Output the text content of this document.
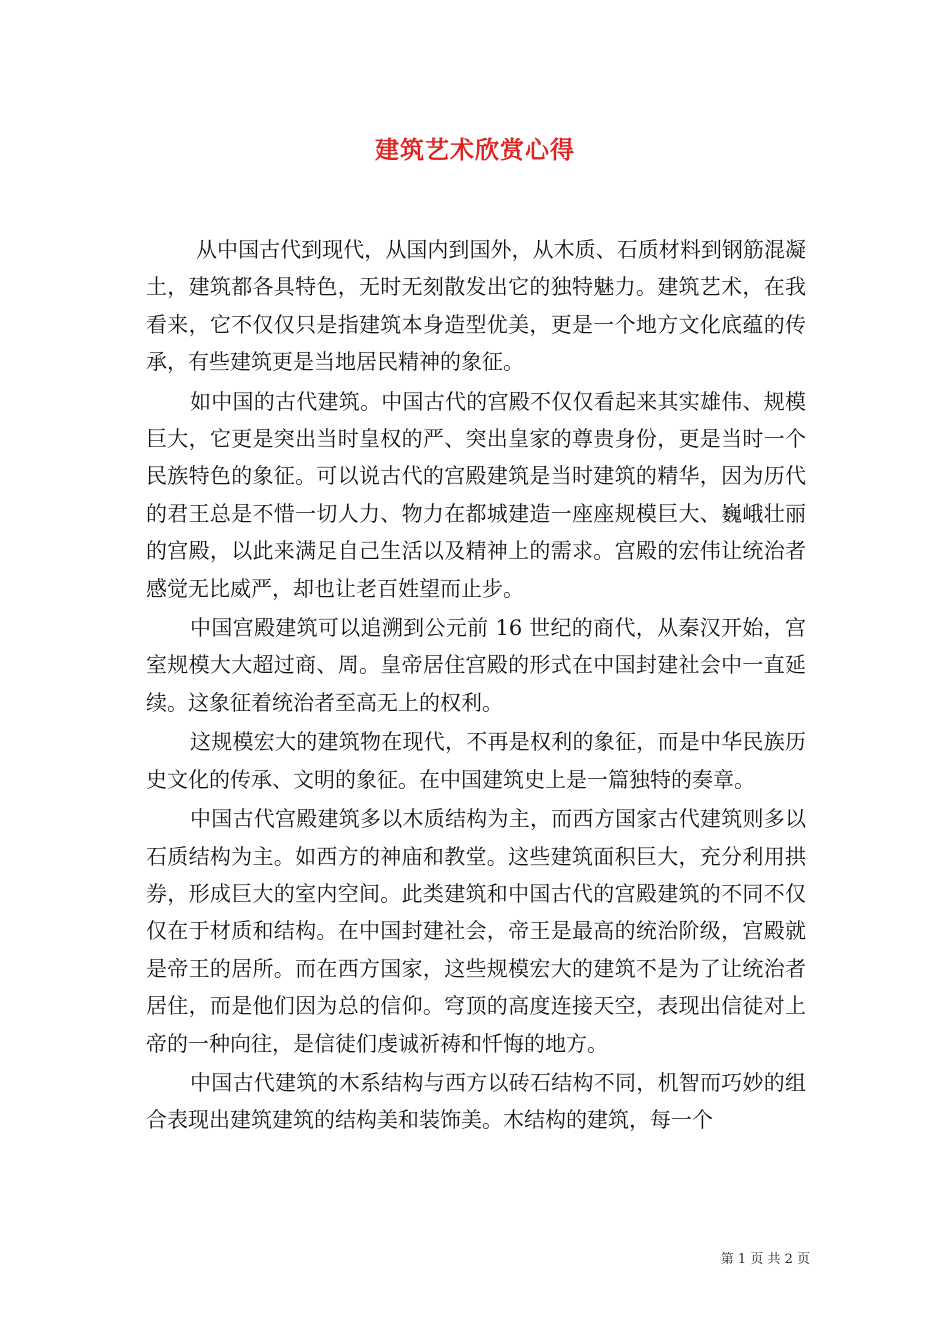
建筑艺术欣赏心得

从中国古代到现代，从国内到国外，从木质、石质材料到钢筋混凝土，建筑都各具特色，无时无刻散发出它的独特魅力。建筑艺术，在我看来，它不仅仅只是指建筑本身造型优美，更是一个地方文化底蕴的传承，有些建筑更是当地居民精神的象征。

如中国的古代建筑。中国古代的宫殿不仅仅看起来其实雄伟、规模巨大，它更是突出当时皇权的严、突出皇家的尊贵身份，更是当时一个民族特色的象征。可以说古代的宫殿建筑是当时建筑的精华，因为历代的君王总是不惜一切人力、物力在都城建造一座座规模巨大、巍峨壮丽的宫殿，以此来满足自己生活以及精神上的需求。宫殿的宏伟让统治者感觉无比威严，却也让老百姓望而止步。

中国宫殿建筑可以追溯到公元前 16 世纪的商代，从秦汉开始，宫室规模大大超过商、周。皇帝居住宫殿的形式在中国封建社会中一直延续。这象征着统治者至高无上的权利。

这规模宏大的建筑物在现代，不再是权利的象征，而是中华民族历史文化的传承、文明的象征。在中国建筑史上是一篇独特的奏章。

中国古代宫殿建筑多以木质结构为主，而西方国家古代建筑则多以石质结构为主。如西方的神庙和教堂。这些建筑面积巨大，充分利用拱券，形成巨大的室内空间。此类建筑和中国古代的宫殿建筑的不同不仅仅在于材质和结构。在中国封建社会，帝王是最高的统治阶级，宫殿就是帝王的居所。而在西方国家，这些规模宏大的建筑不是为了让统治者居住，而是他们因为总的信仰。穹顶的高度连接天空，表现出信徒对上帝的一种向往，是信徒们虔诚祈祷和忏悔的地方。

中国古代建筑的木系结构与西方以砖石结构不同，机智而巧妙的组合表现出建筑建筑的结构美和装饰美。木结构的建筑，每一个

第 1 页 共 2 页
